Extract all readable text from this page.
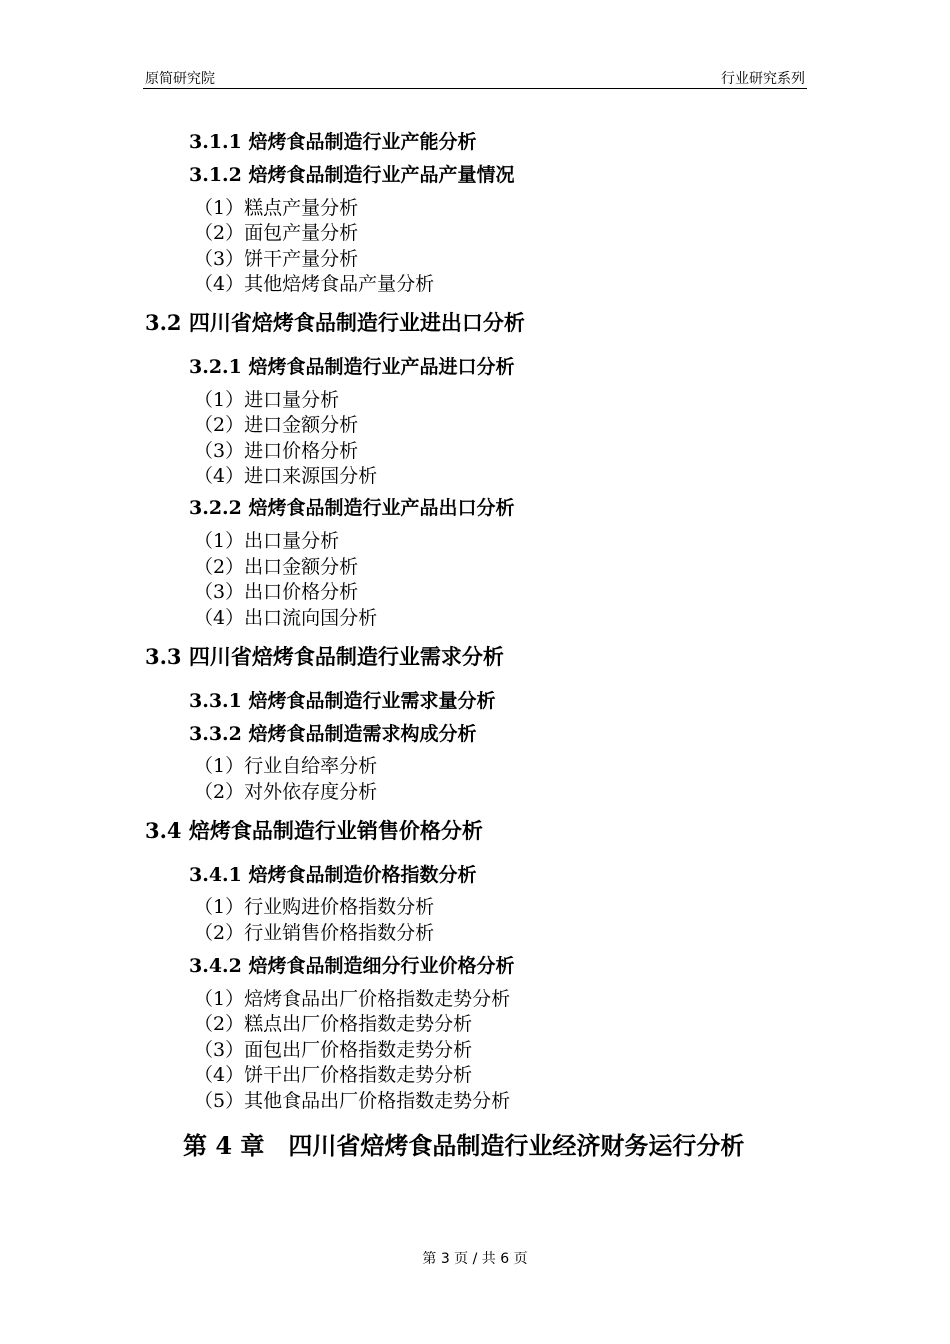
原简研究院	行业研究系列
3.1.1 焙烤食品制造行业产能分析
3.1.2 焙烤食品制造行业产品产量情况
（1）糕点产量分析
（2）面包产量分析
（3）饼干产量分析
（4）其他焙烤食品产量分析
3.2 四川省焙烤食品制造行业进出口分析
3.2.1 焙烤食品制造行业产品进口分析
（1）进口量分析
（2）进口金额分析
（3）进口价格分析
（4）进口来源国分析
3.2.2 焙烤食品制造行业产品出口分析
（1）出口量分析
（2）出口金额分析
（3）出口价格分析
（4）出口流向国分析
3.3 四川省焙烤食品制造行业需求分析
3.3.1 焙烤食品制造行业需求量分析
3.3.2 焙烤食品制造需求构成分析
（1）行业自给率分析
（2）对外依存度分析
3.4 焙烤食品制造行业销售价格分析
3.4.1 焙烤食品制造价格指数分析
（1）行业购进价格指数分析
（2）行业销售价格指数分析
3.4.2 焙烤食品制造细分行业价格分析
（1）焙烤食品出厂价格指数走势分析
（2）糕点出厂价格指数走势分析
（3）面包出厂价格指数走势分析
（4）饼干出厂价格指数走势分析
（5）其他食品出厂价格指数走势分析
第 4 章　四川省焙烤食品制造行业经济财务运行分析
第 3 页 / 共 6 页
